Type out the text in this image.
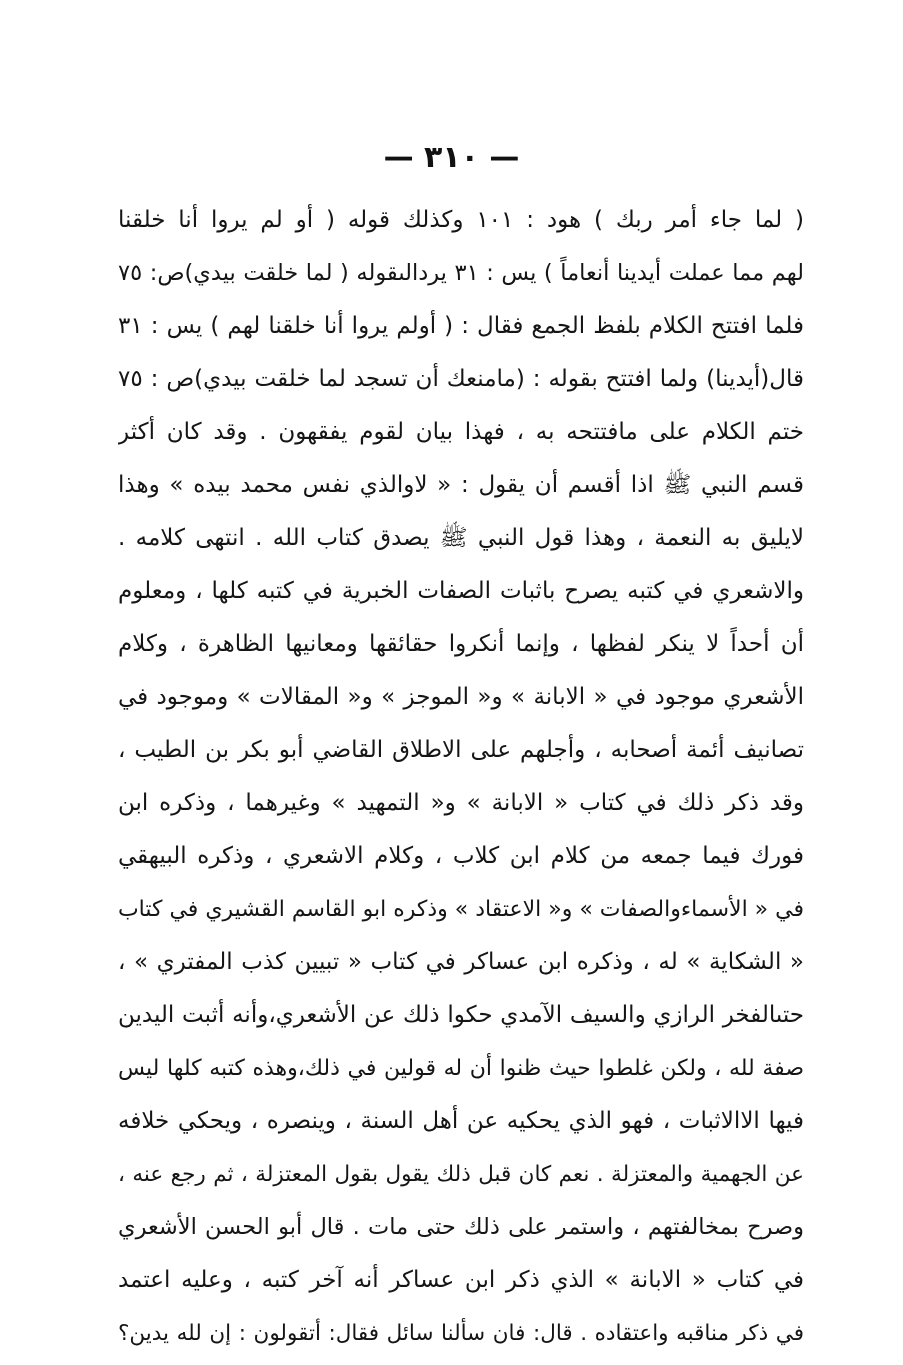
— ٣١٠ —
( لما جاء أمر ربك ) هود : ١٠١ وكذلك قوله ( أو لم يروا أنا خلقنا
لهم مما عملت أيدينا أنعاماً ) يس : ٣١ يردالىقوله ( لما خلقت بيدي)ص: ٧٥
فلما افتتح الكلام بلفظ الجمع فقال : ( أولم يروا أنا خلقنا لهم ) يس : ٣١
قال(أيدينا) ولما افتتح بقوله : (مامنعك أن تسجد لما خلقت بيدي)ص : ٧٥
ختم الكلام على مافتتحه به ، فهذا بيان لقوم يفقهون . وقد كان أكثر
قسم النبي ﷺ اذا أقسم أن يقول : « لاوالذي نفس محمد بيده » وهذا
لايليق به النعمة ، وهذا قول النبي ﷺ يصدق كتاب الله . انتهى كلامه .
والاشعري في كتبه يصرح باثبات الصفات الخبرية في كتبه كلها ، ومعلوم
أن أحداً لا ينكر لفظها ، وإنما أنكروا حقائقها ومعانيها الظاهرة ، وكلام
الأشعري موجود في « الابانة » و« الموجز » و« المقالات » وموجود في
تصانيف أئمة أصحابه ، وأجلهم على الاطلاق القاضي أبو بكر بن الطيب ،
وقد ذكر ذلك في كتاب « الابانة » و« التمهيد » وغيرهما ، وذكره ابن
فورك فيما جمعه من كلام ابن كلاب ، وكلام الاشعري ، وذكره البيهقي
في « الأسماءوالصفات » و« الاعتقاد » وذكره ابو القاسم القشيري في كتاب
« الشكاية » له ، وذكره ابن عساكر في كتاب « تبيين كذب المفتري » ،
حتىالفخر الرازي والسيف الآمدي حكوا ذلك عن الأشعري،وأنه أثبت اليدين
صفة لله ، ولكن غلطوا حيث ظنوا أن له قولين في ذلك،وهذه كتبه كلها ليس
فيها الاالاثبات ، فهو الذي يحكيه عن أهل السنة ، وينصره ، ويحكي خلافه
عن الجهمية والمعتزلة . نعم كان قبل ذلك يقول بقول المعتزلة ، ثم رجع عنه ،
وصرح بمخالفتهم ، واستمر على ذلك حتى مات . قال أبو الحسن الأشعري
في كتاب « الابانة » الذي ذكر ابن عساكر أنه آخر كتبه ، وعليه اعتمد
في ذكر مناقبه واعتقاده . قال: فان سألنا سائل فقال: أتقولون : إن لله يدين؟
